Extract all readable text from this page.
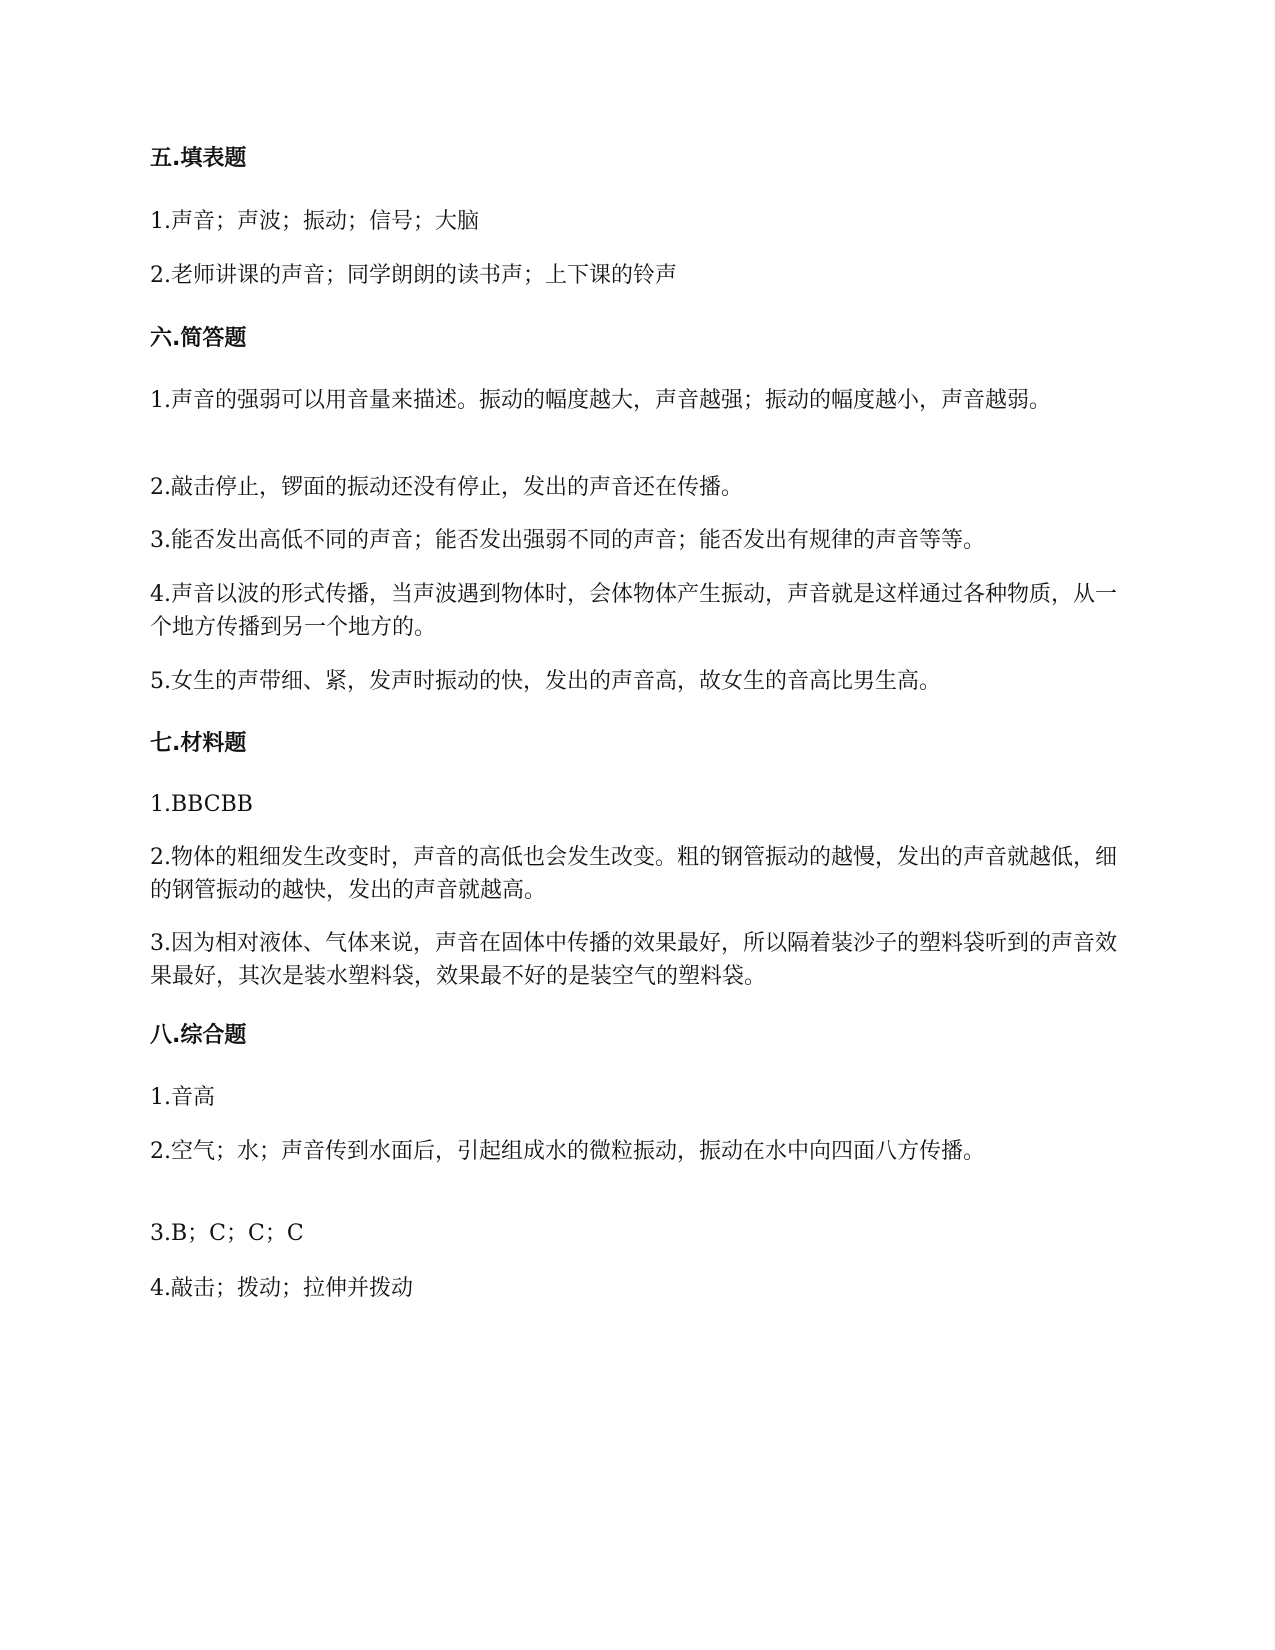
五.填表题

1.声音；声波；振动；信号；大脑

2.老师讲课的声音；同学朗朗的读书声；上下课的铃声

六.简答题

1.声音的强弱可以用音量来描述。振动的幅度越大，声音越强；振动的幅度越小，声音越弱。

2.敲击停止，锣面的振动还没有停止，发出的声音还在传播。

3.能否发出高低不同的声音；能否发出强弱不同的声音；能否发出有规律的声音等等。

4.声音以波的形式传播，当声波遇到物体时，会体物体产生振动，声音就是这样通过各种物质，从一个地方传播到另一个地方的。

5.女生的声带细、紧，发声时振动的快，发出的声音高，故女生的音高比男生高。

七.材料题

1.BBCBB

2.物体的粗细发生改变时，声音的高低也会发生改变。粗的钢管振动的越慢，发出的声音就越低，细的钢管振动的越快，发出的声音就越高。

3.因为相对液体、气体来说，声音在固体中传播的效果最好，所以隔着装沙子的塑料袋听到的声音效果最好，其次是装水塑料袋，效果最不好的是装空气的塑料袋。

八.综合题

1.音高

2.空气；水；声音传到水面后，引起组成水的微粒振动，振动在水中向四面八方传播。

3.B；C；C；C

4.敲击；拨动；拉伸并拨动
